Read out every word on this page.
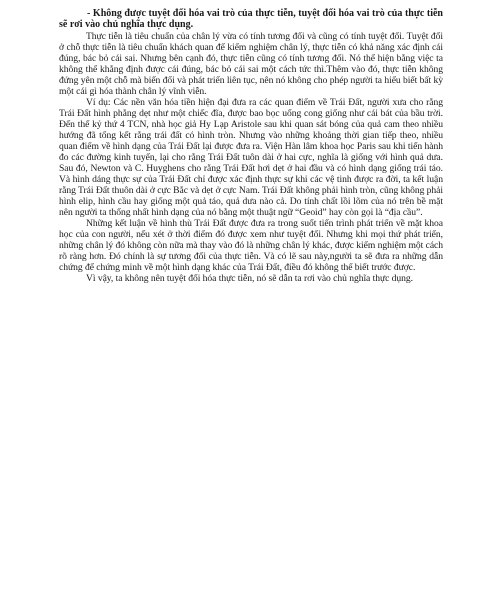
- Không được tuyệt đối hóa vai trò của thực tiễn, tuyệt đối hóa vai trò của thực tiễn sẽ rơi vào chủ nghĩa thực dụng.

Thực tiễn là tiêu chuẩn của chân lý vừa có tính tương đối và cũng có tính tuyệt đối. Tuyệt đối ở chỗ thực tiễn là tiêu chuẩn khách quan để kiểm nghiệm chân lý, thực tiễn có khả năng xác định cái đúng, bác bỏ cái sai. Nhưng bên cạnh đó, thực tiễn cũng có tính tương đối. Nó thể hiện bằng việc ta không thể khẳng định được cái đúng, bác bỏ cái sai một cách tức thì.Thêm vào đó, thực tiễn không đứng yên một chỗ mà biến đổi và phát triển liên tục, nên nó không cho phép người ta hiểu biết bất kỳ một cái gì hóa thành chân lý vĩnh viễn.

Ví dụ: Các nền văn hóa tiền hiện đại đưa ra các quan điểm về Trái Đất, người xưa cho rằng Trái Đất hình phẳng dẹt như một chiếc đĩa, được bao bọc uống cong giống như cái bát của bầu trời. Đến thế kỷ thứ 4 TCN, nhà học giả Hy Lạp Aristole sau khi quan sát bóng của quả cam theo nhiều hướng đã tổng kết rằng trái đất có hình tròn. Nhưng vào những khoảng thời gian tiếp theo, nhiều quan điểm về hình dạng của Trái Đất lại được đưa ra. Viện Hàn lâm khoa học Paris sau khi tiến hành đo các đường kinh tuyến, lại cho rằng Trái Đất tuôn dài ở hai cực, nghĩa là giống với hình quả dưa. Sau đó, Newton và C. Huyghens cho rằng Trái Đất hơi dẹt ở hai đầu và có hình dạng giống trái táo. Và hình dáng thực sự của Trái Đất chỉ được xác định thực sự khi các vệ tinh được ra đời, ta kết luận rằng Trái Đất thuôn dài ở cực Bắc và dẹt ở cực Nam. Trái Đất không phải hình tròn, cũng không phải hình elip, hình cầu hay giống một quả táo, quả dưa nào cả. Do tính chất lồi lõm của nó trên bề mặt nên người ta thống nhất hình dạng của nó bằng một thuật ngữ “Geoid” hay còn gọi là “địa cầu”.

Những kết luận về hình thù Trái Đất được đưa ra trong suốt tiến trình phát triển về mặt khoa học của con người, nếu xét ở thời điểm đó được xem như tuyệt đối. Nhưng khi mọi thứ phát triển, những chân lý đó không còn nữa mà thay vào đó là những chân lý khác, được kiểm nghiệm một cách rõ ràng hơn. Đó chính là sự tương đối của thực tiễn. Và có lẽ sau này,người ta sẽ đưa ra những dẫn chứng để chứng minh về một hình dạng khác của Trái Đất, điều đó không thể biết trước được.

Vì vậy, ta không nên tuyệt đối hóa thực tiễn, nó sẽ dẫn ta rơi vào chủ nghĩa thực dụng.
